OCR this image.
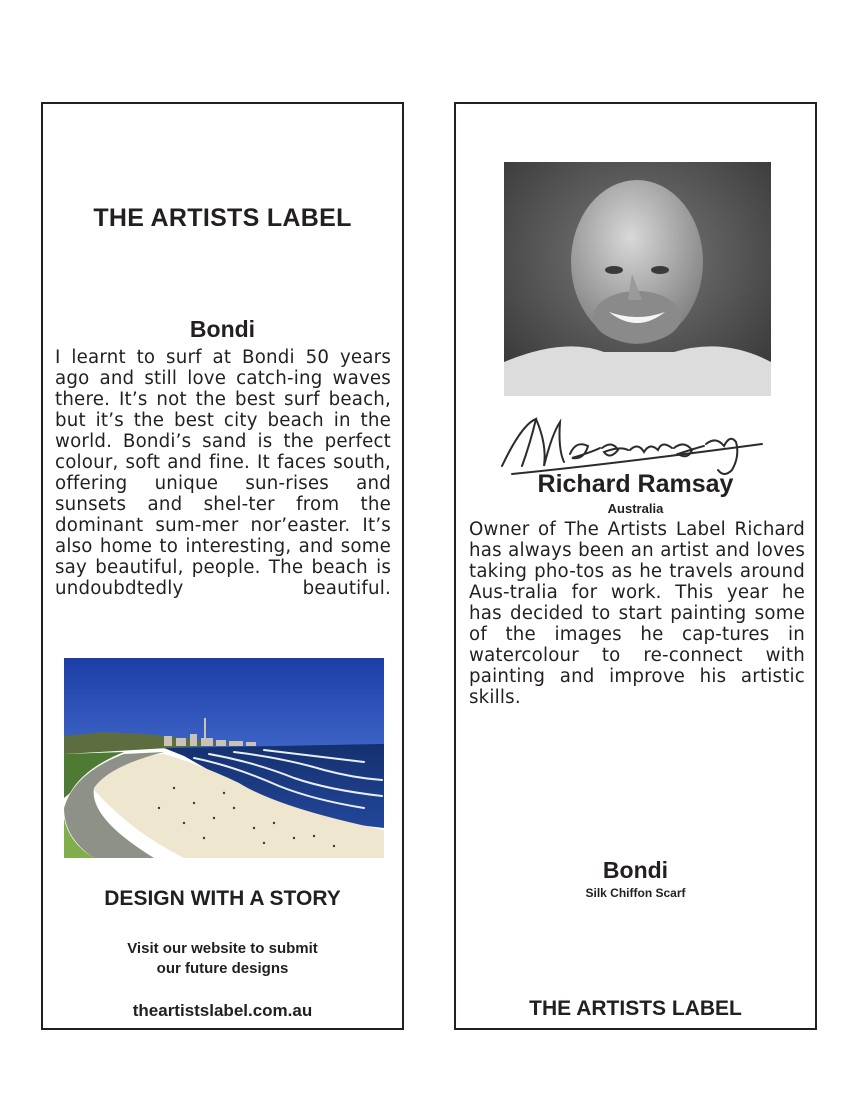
THE ARTISTS LABEL
Bondi

I learnt to surf at Bondi 50 years ago and still love catch-ing waves there. It’s not the best surf beach, but it’s the best city beach in the world. Bondi’s sand is the perfect colour, soft and fine. It faces south, offering unique sun-rises and sunsets and shel-ter from the dominant sum-mer nor’easter. It’s also home to interesting, and some say beautiful, people. The beach is undoubdtedly beautiful.

DESIGN WITH A STORY
Visit our website to submit
our future designs
theartistslabel.com.au
Richard Ramsay
Australia

Owner of The Artists Label Richard has always been an artist and loves taking pho-tos as he travels around Aus-tralia for work. This year he has decided to start painting some of the images he cap-tures in watercolour to re-connect with painting and improve his artistic skills.

Bondi
Silk Chiffon Scarf
THE ARTISTS LABEL
